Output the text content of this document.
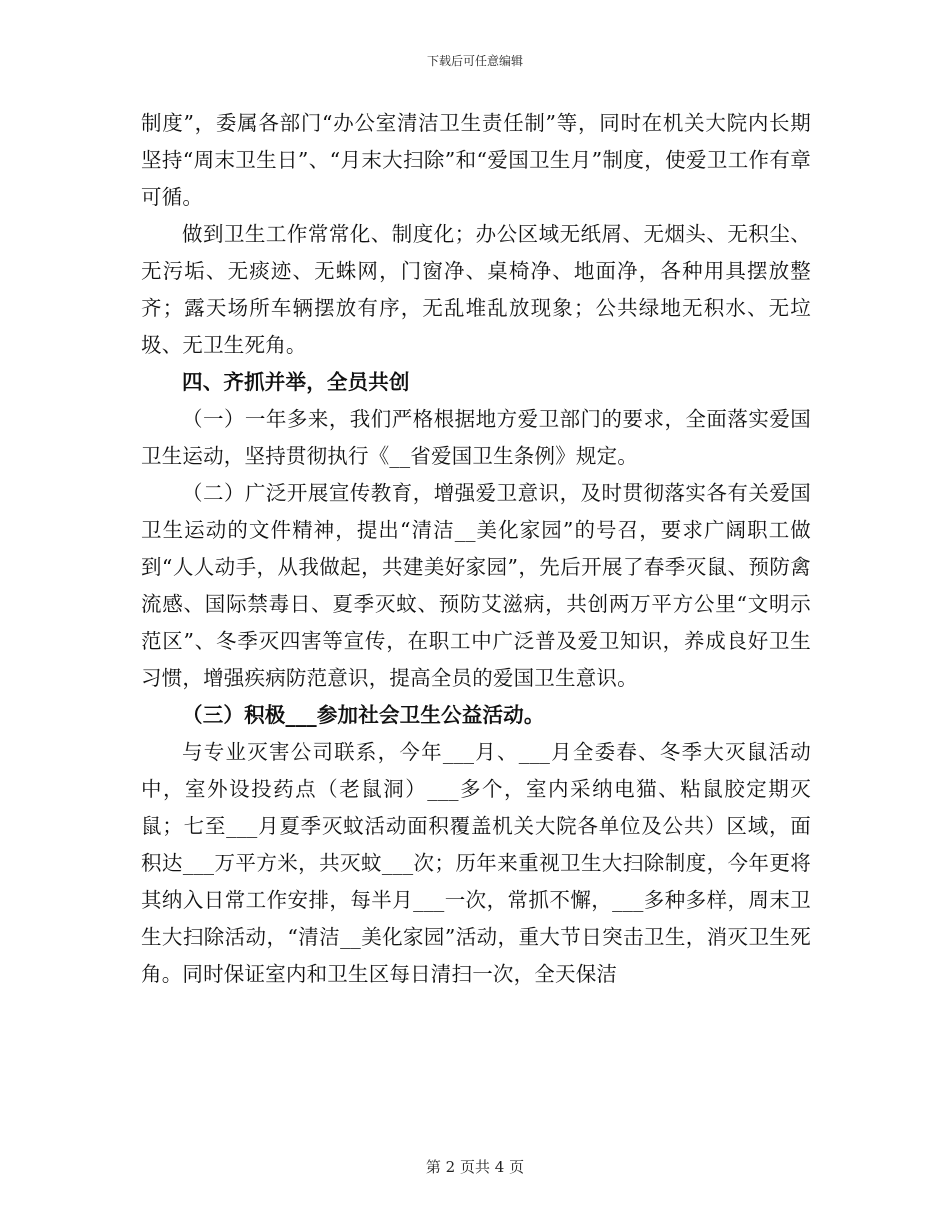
下载后可任意编辑

制度”，委属各部门“办公室清洁卫生责任制”等，同时在机关大院内长期坚持“周末卫生日”、“月末大扫除”和“爱国卫生月”制度，使爱卫工作有章可循。

做到卫生工作常常化、制度化；办公区域无纸屑、无烟头、无积尘、无污垢、无痰迹、无蛛网，门窗净、桌椅净、地面净，各种用具摆放整齐；露天场所车辆摆放有序，无乱堆乱放现象；公共绿地无积水、无垃圾、无卫生死角。

四、齐抓并举，全员共创

（一）一年多来，我们严格根据地方爱卫部门的要求，全面落实爱国卫生运动，坚持贯彻执行《__省爱国卫生条例》规定。

（二）广泛开展宣传教育，增强爱卫意识，及时贯彻落实各有关爱国卫生运动的文件精神，提出“清洁__美化家园”的号召，要求广阔职工做到“人人动手，从我做起，共建美好家园”，先后开展了春季灭鼠、预防禽流感、国际禁毒日、夏季灭蚊、预防艾滋病，共创两万平方公里“文明示范区”、冬季灭四害等宣传，在职工中广泛普及爱卫知识，养成良好卫生习惯，增强疾病防范意识，提高全员的爱国卫生意识。

（三）积极___参加社会卫生公益活动。

与专业灭害公司联系，今年___月、___月全委春、冬季大灭鼠活动中，室外设投药点（老鼠洞）___多个，室内采纳电猫、粘鼠胶定期灭鼠；七至___月夏季灭蚊活动面积覆盖机关大院各单位及公共）区域，面积达___万平方米，共灭蚊___次；历年来重视卫生大扫除制度，今年更将其纳入日常工作安排，每半月___一次，常抓不懈，___多种多样，周末卫生大扫除活动，“清洁__美化家园”活动，重大节日突击卫生，消灭卫生死角。同时保证室内和卫生区每日清扫一次，全天保洁

第 2 页共 4 页
